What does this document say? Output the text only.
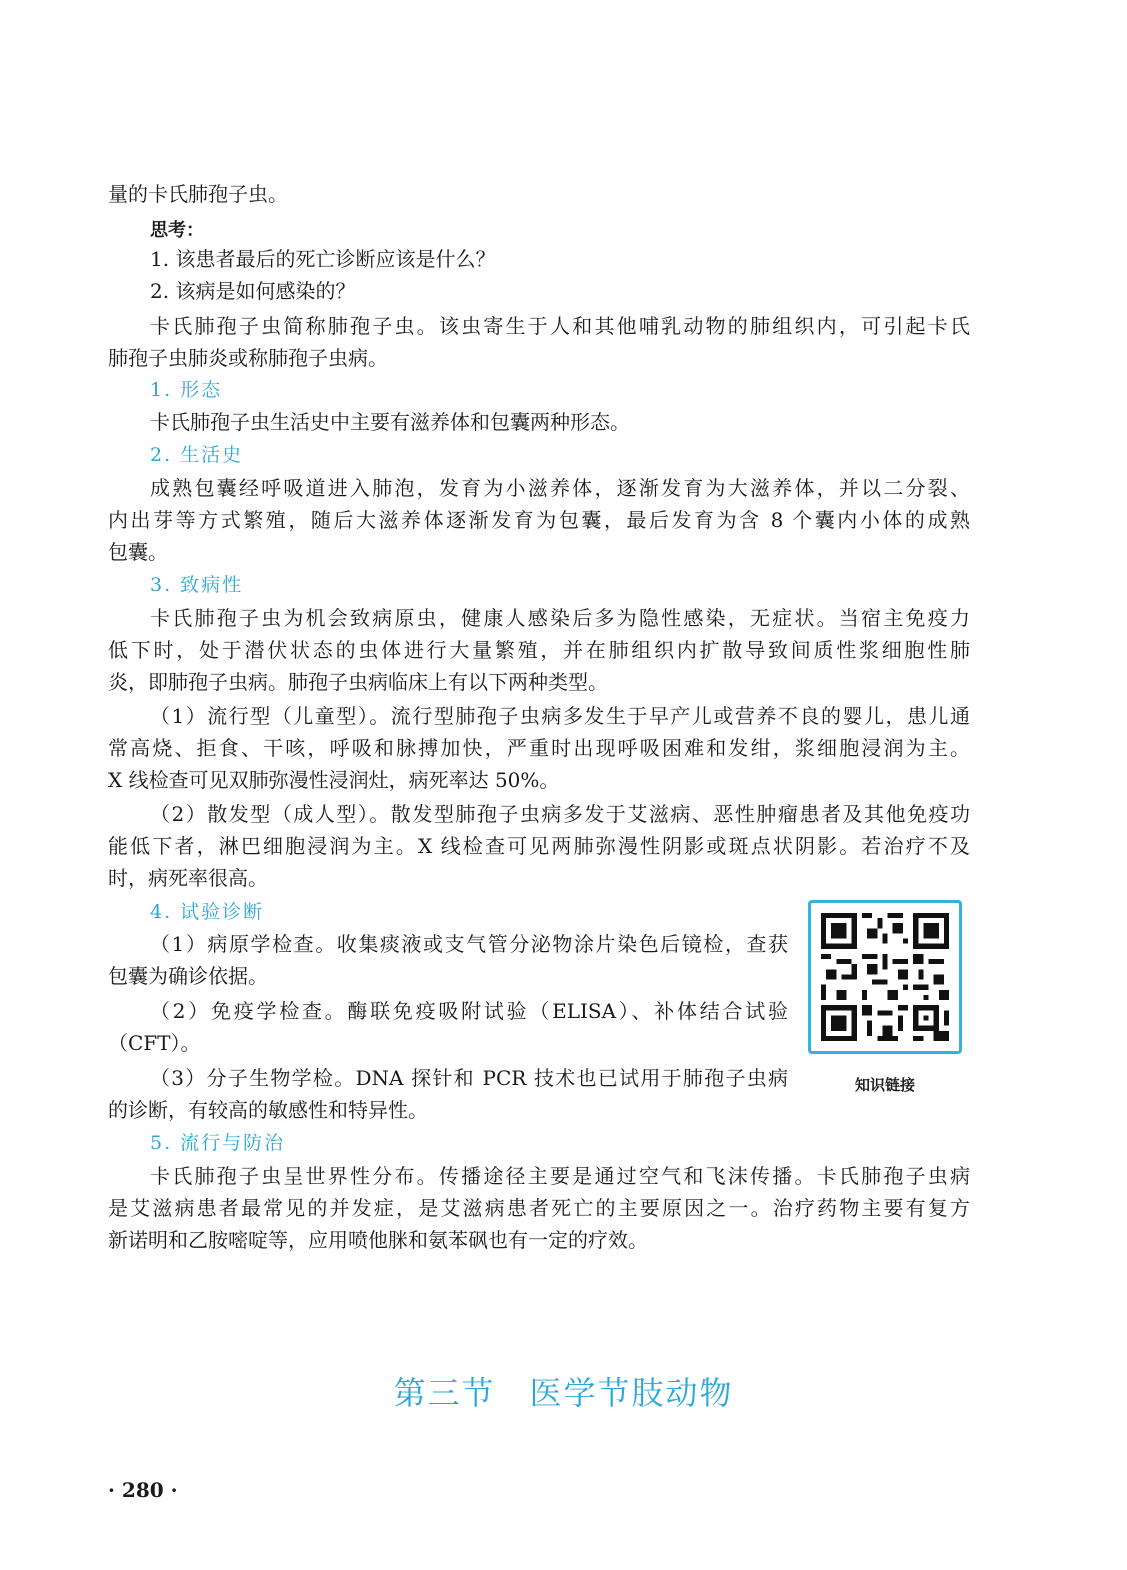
量的卡氏肺孢子虫。
思考：
1. 该患者最后的死亡诊断应该是什么？
2. 该病是如何感染的？
卡氏肺孢子虫简称肺孢子虫。该虫寄生于人和其他哺乳动物的肺组织内，可引起卡氏
肺孢子虫肺炎或称肺孢子虫病。
1. 形态
卡氏肺孢子虫生活史中主要有滋养体和包囊两种形态。
2. 生活史
成熟包囊经呼吸道进入肺泡，发育为小滋养体，逐渐发育为大滋养体，并以二分裂、
内出芽等方式繁殖，随后大滋养体逐渐发育为包囊，最后发育为含 8 个囊内小体的成熟
包囊。
3. 致病性
卡氏肺孢子虫为机会致病原虫，健康人感染后多为隐性感染，无症状。当宿主免疫力
低下时，处于潜伏状态的虫体进行大量繁殖，并在肺组织内扩散导致间质性浆细胞性肺
炎，即肺孢子虫病。肺孢子虫病临床上有以下两种类型。
（1）流行型（儿童型）。流行型肺孢子虫病多发生于早产儿或营养不良的婴儿，患儿通
常高烧、拒食、干咳，呼吸和脉搏加快，严重时出现呼吸困难和发绀，浆细胞浸润为主。
X 线检查可见双肺弥漫性浸润灶，病死率达 50%。
（2）散发型（成人型）。散发型肺孢子虫病多发于艾滋病、恶性肿瘤患者及其他免疫功
能低下者，淋巴细胞浸润为主。X 线检查可见两肺弥漫性阴影或斑点状阴影。若治疗不及
时，病死率很高。
4. 试验诊断
（1）病原学检查。收集痰液或支气管分泌物涂片染色后镜检，查获
包囊为确诊依据。
（2）免疫学检查。酶联免疫吸附试验（ELISA）、补体结合试验
（CFT）。
（3）分子生物学检。DNA 探针和 PCR 技术也已试用于肺孢子虫病
的诊断，有较高的敏感性和特异性。
知识链接
5. 流行与防治
卡氏肺孢子虫呈世界性分布。传播途径主要是通过空气和飞沫传播。卡氏肺孢子虫病
是艾滋病患者最常见的并发症，是艾滋病患者死亡的主要原因之一。治疗药物主要有复方
新诺明和乙胺嘧啶等，应用喷他脒和氨苯砜也有一定的疗效。
第三节　医学节肢动物
· 280 ·
